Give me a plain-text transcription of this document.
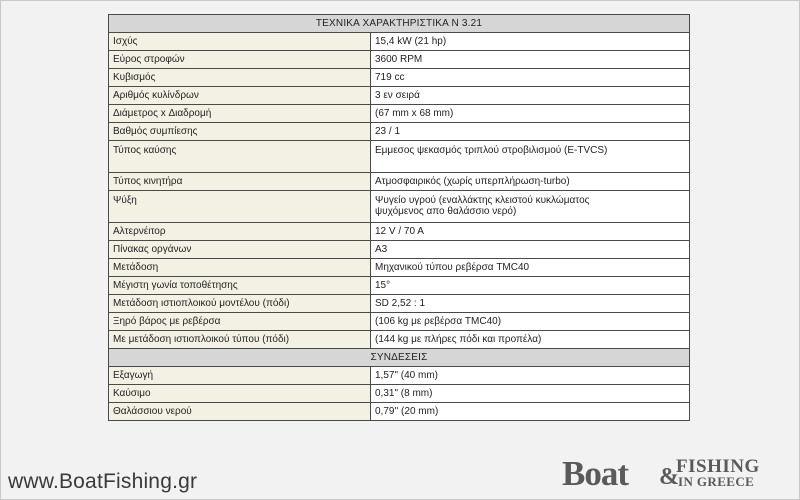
ΤΕΧΝΙΚΑ ΧΑΡΑΚΤΗΡΙΣΤΙΚΑ Ν 3.21	
Ισχύς	15,4 kW (21 hp)
Εύρος στροφών	3600 RPM
Κυβισμός	719 cc
Αριθμός κυλίνδρων	3 εν σειρά
Διάμετρος x Διαδρομή	(67 mm x 68 mm)
Βαθμός συμπίεσης	23 / 1
Τύπος καύσης	Εμμεσος ψεκασμός τριπλού στροβιλισμού (E-TVCS)
Τύπος κινητήρα	Ατμοσφαιρικός (χωρίς υπερπλήρωση-turbo)
Ψύξη	Ψυγείο υγρού (εναλλάκτης κλειστού κυκλώματος
ψυχόμενος απο θαλάσσιο νερό)
Αλτερνέιτορ	12 V / 70 A
Πίνακας οργάνων	A3
Μετάδοση	Μηχανικού τύπου ρεβέρσα TMC40
Μέγιστη γωνία τοποθέτησης	15°
Μετάδοση ιστιοπλοικού μοντέλου (πόδι)	SD 2,52 : 1
Ξηρό βάρος με ρεβέρσα	(106 kg με ρεβέρσα TMC40)
Με μετάδοση ιστιοπλοικού τύπου (πόδι)	(144 kg με πλήρες πόδι και προπέλα)
ΣΥΝΔΕΣΕΙΣ	
Εξαγωγή	1,57" (40 mm)
Καύσιμο	0,31" (8 mm)
Θαλάσσιου νερού	0,79'' (20 mm)
www.BoatFishing.gr	Boat &
FISHING
IN GREECE
